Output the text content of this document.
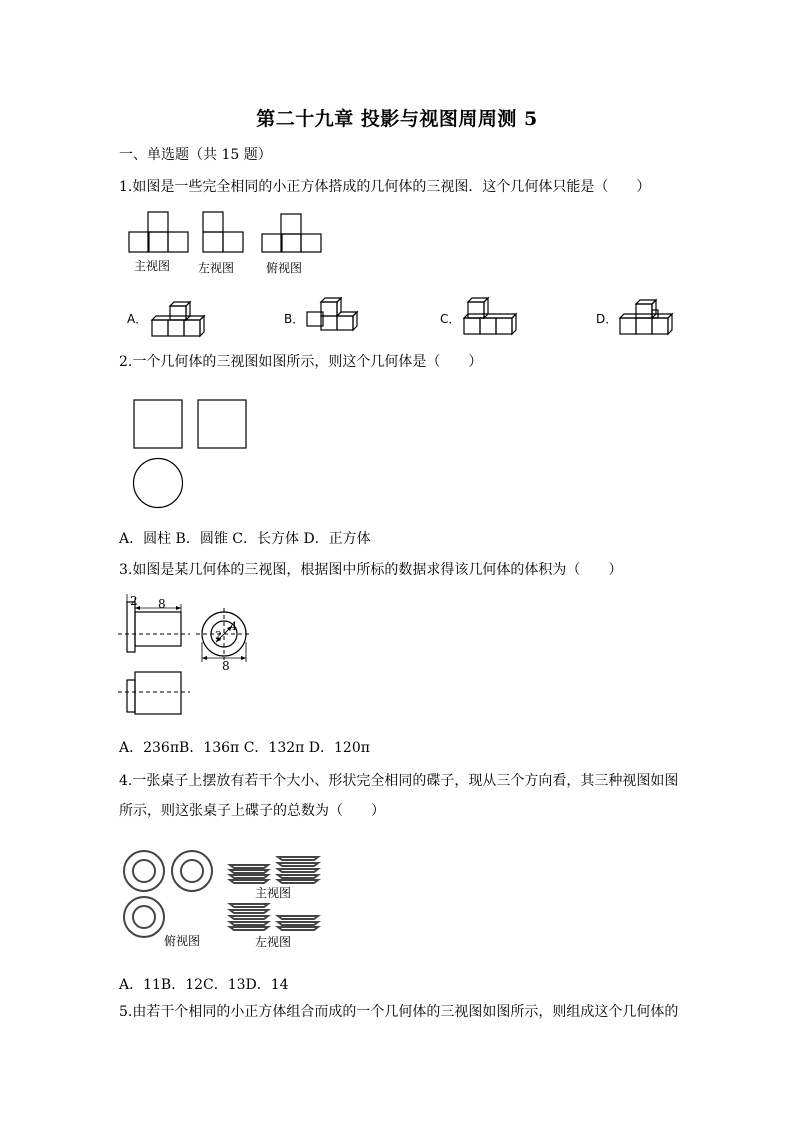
第二十九章 投影与视图周周测 5
一、单选题（共 15 题）
1.如图是一些完全相同的小正方体搭成的几何体的三视图．这个几何体只能是（　　）
主视图 左视图	俯视图
A．	B．	C．	D．
2.一个几何体的三视图如图所示，则这个几何体是（　　）
A．圆柱 B．圆锥 C．长方体 D．正方体
3.如图是某几何体的三视图，根据图中所标的数据求得该几何体的体积为（　　）
2 8
4
2
8
A．236πB．136π C．132π D．120π
4.一张桌子上摆放有若干个大小、形状完全相同的碟子，现从三个方向看，其三种视图如图
所示，则这张桌子上碟子的总数为（　　）
俯视图
主视图
左视图
A．11B．12C．13D．14
5.由若干个相同的小正方体组合而成的一个几何体的三视图如图所示，则组成这个几何体的
